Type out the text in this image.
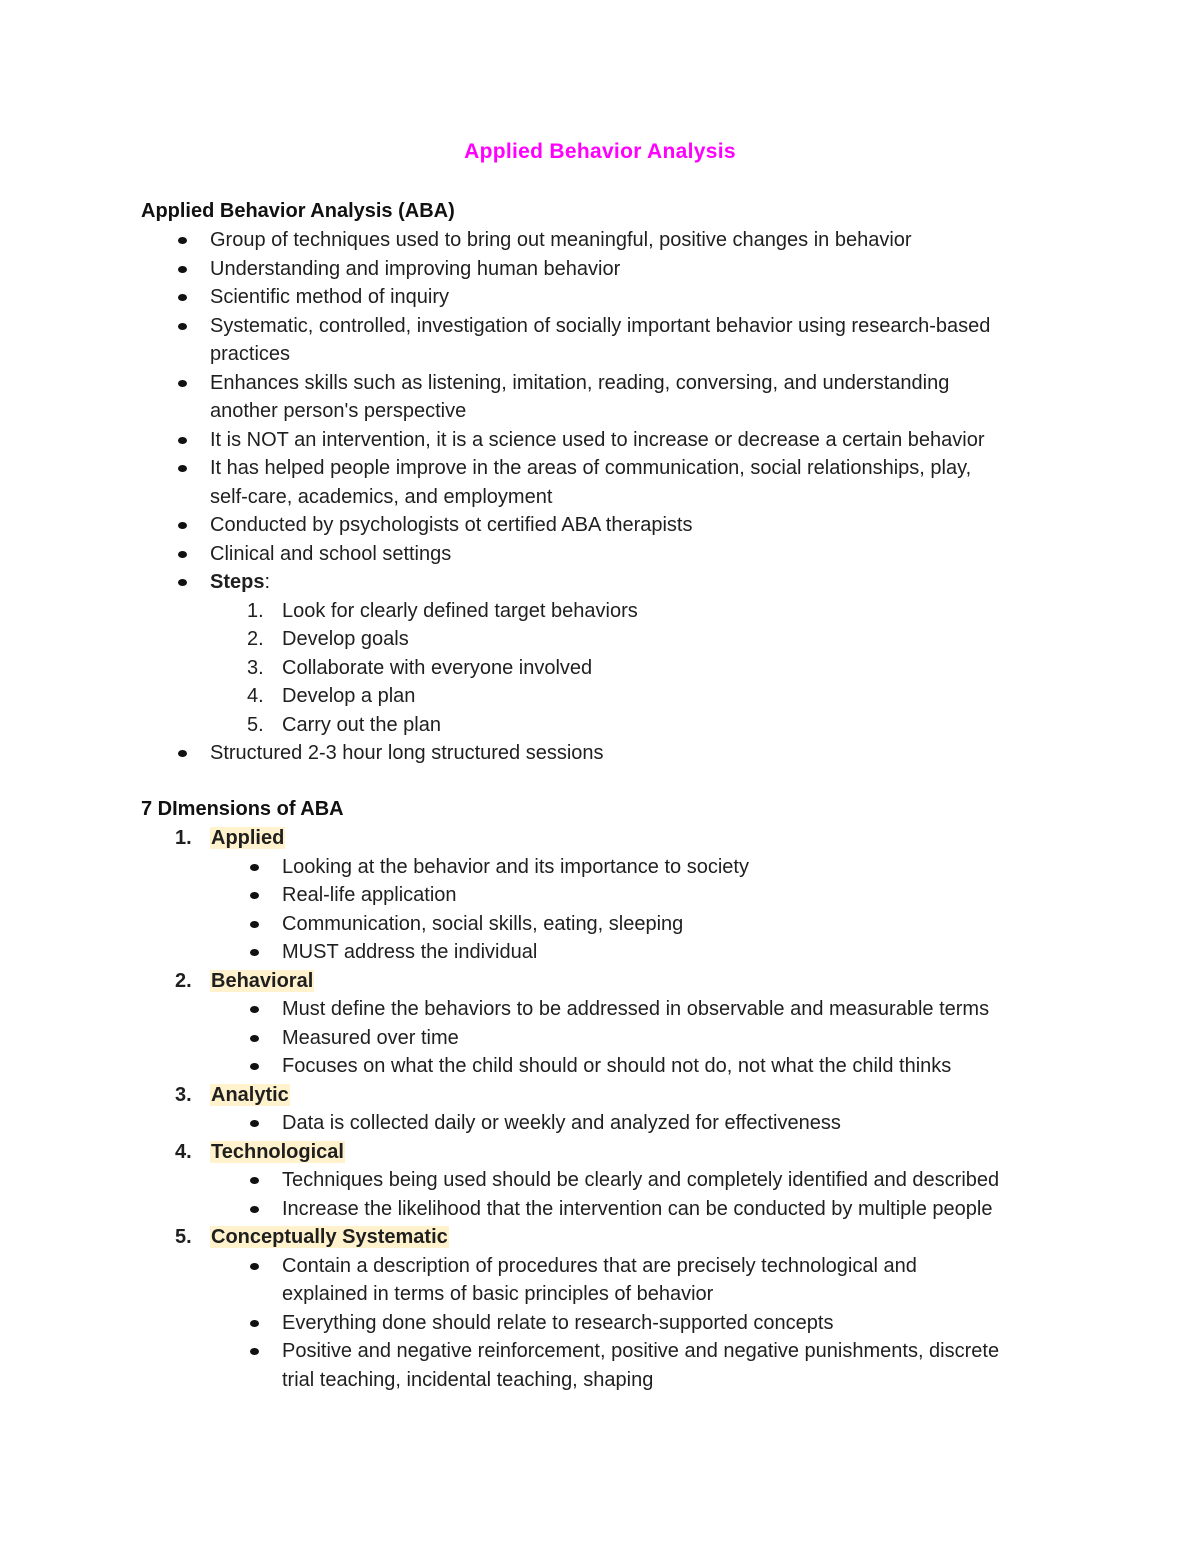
Applied Behavior Analysis
Applied Behavior Analysis (ABA)
Group of techniques used to bring out meaningful, positive changes in behavior
Understanding and improving human behavior
Scientific method of inquiry
Systematic, controlled, investigation of socially important behavior using research-based
practices
Enhances skills such as listening, imitation, reading, conversing, and understanding
another person's perspective
It is NOT an intervention, it is a science used to increase or decrease a certain behavior
It has helped people improve in the areas of communication, social relationships, play,
self-care, academics, and employment
Conducted by psychologists ot certified ABA therapists
Clinical and school settings
Steps:
1. Look for clearly defined target behaviors
2. Develop goals
3. Collaborate with everyone involved
4. Develop a plan
5. Carry out the plan
Structured 2-3 hour long structured sessions
7 DImensions of ABA
1. Applied
Looking at the behavior and its importance to society
Real-life application
Communication, social skills, eating, sleeping
MUST address the individual
2. Behavioral
Must define the behaviors to be addressed in observable and measurable terms
Measured over time
Focuses on what the child should or should not do, not what the child thinks
3. Analytic
Data is collected daily or weekly and analyzed for effectiveness
4. Technological
Techniques being used should be clearly and completely identified and described
Increase the likelihood that the intervention can be conducted by multiple people
5. Conceptually Systematic
Contain a description of procedures that are precisely technological and
explained in terms of basic principles of behavior
Everything done should relate to research-supported concepts
Positive and negative reinforcement, positive and negative punishments, discrete
trial teaching, incidental teaching, shaping
